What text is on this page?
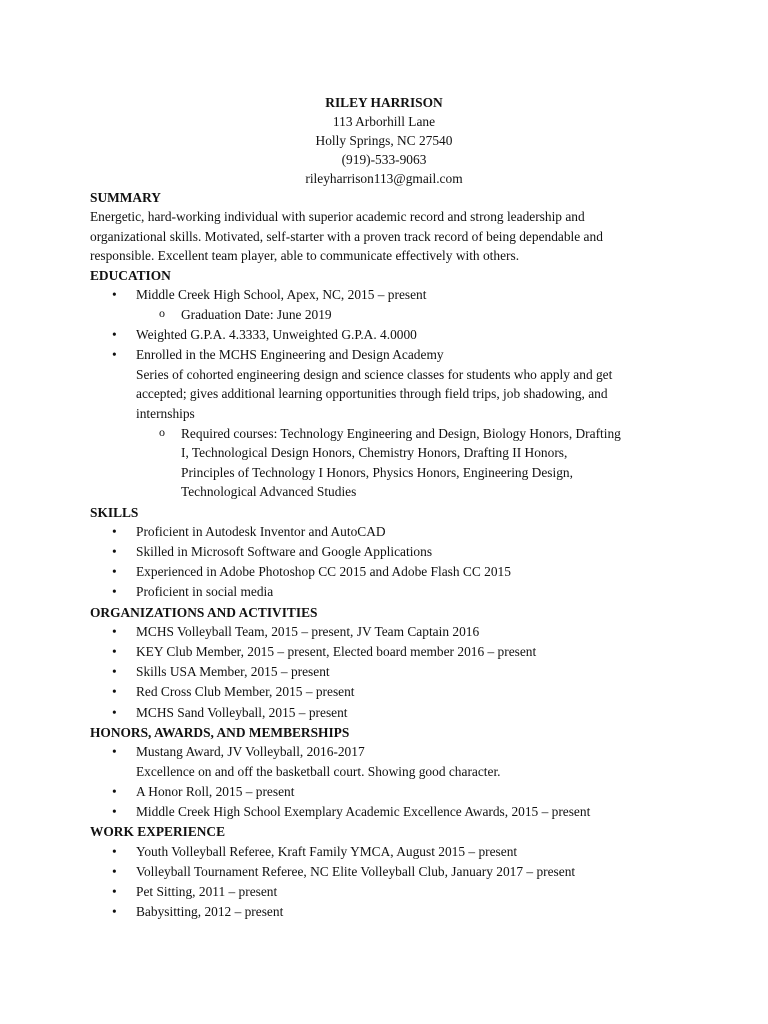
RILEY HARRISON
113 Arborhill Lane
Holly Springs, NC 27540
(919)-533-9063
rileyharrison113@gmail.com
SUMMARY
Energetic, hard-working individual with superior academic record and strong leadership and
organizational skills. Motivated, self-starter with a proven track record of being dependable and
responsible. Excellent team player, able to communicate effectively with others.
EDUCATION
• Middle Creek High School, Apex, NC, 2015 – present
o Graduation Date: June 2019
• Weighted G.P.A. 4.3333, Unweighted G.P.A. 4.0000
• Enrolled in the MCHS Engineering and Design Academy
Series of cohorted engineering design and science classes for students who apply and get
accepted; gives additional learning opportunities through field trips, job shadowing, and
internships
o Required courses: Technology Engineering and Design, Biology Honors, Drafting
I, Technological Design Honors, Chemistry Honors, Drafting II Honors,
Principles of Technology I Honors, Physics Honors, Engineering Design,
Technological Advanced Studies
SKILLS
• Proficient in Autodesk Inventor and AutoCAD
• Skilled in Microsoft Software and Google Applications
• Experienced in Adobe Photoshop CC 2015 and Adobe Flash CC 2015
• Proficient in social media
ORGANIZATIONS AND ACTIVITIES
• MCHS Volleyball Team, 2015 – present, JV Team Captain 2016
• KEY Club Member, 2015 – present, Elected board member 2016 – present
• Skills USA Member, 2015 – present
• Red Cross Club Member, 2015 – present
• MCHS Sand Volleyball, 2015 – present
HONORS, AWARDS, AND MEMBERSHIPS
• Mustang Award, JV Volleyball, 2016-2017
Excellence on and off the basketball court. Showing good character.
• A Honor Roll, 2015 – present
• Middle Creek High School Exemplary Academic Excellence Awards, 2015 – present
WORK EXPERIENCE
• Youth Volleyball Referee, Kraft Family YMCA, August 2015 – present
• Volleyball Tournament Referee, NC Elite Volleyball Club, January 2017 – present
• Pet Sitting, 2011 – present
• Babysitting, 2012 – present
